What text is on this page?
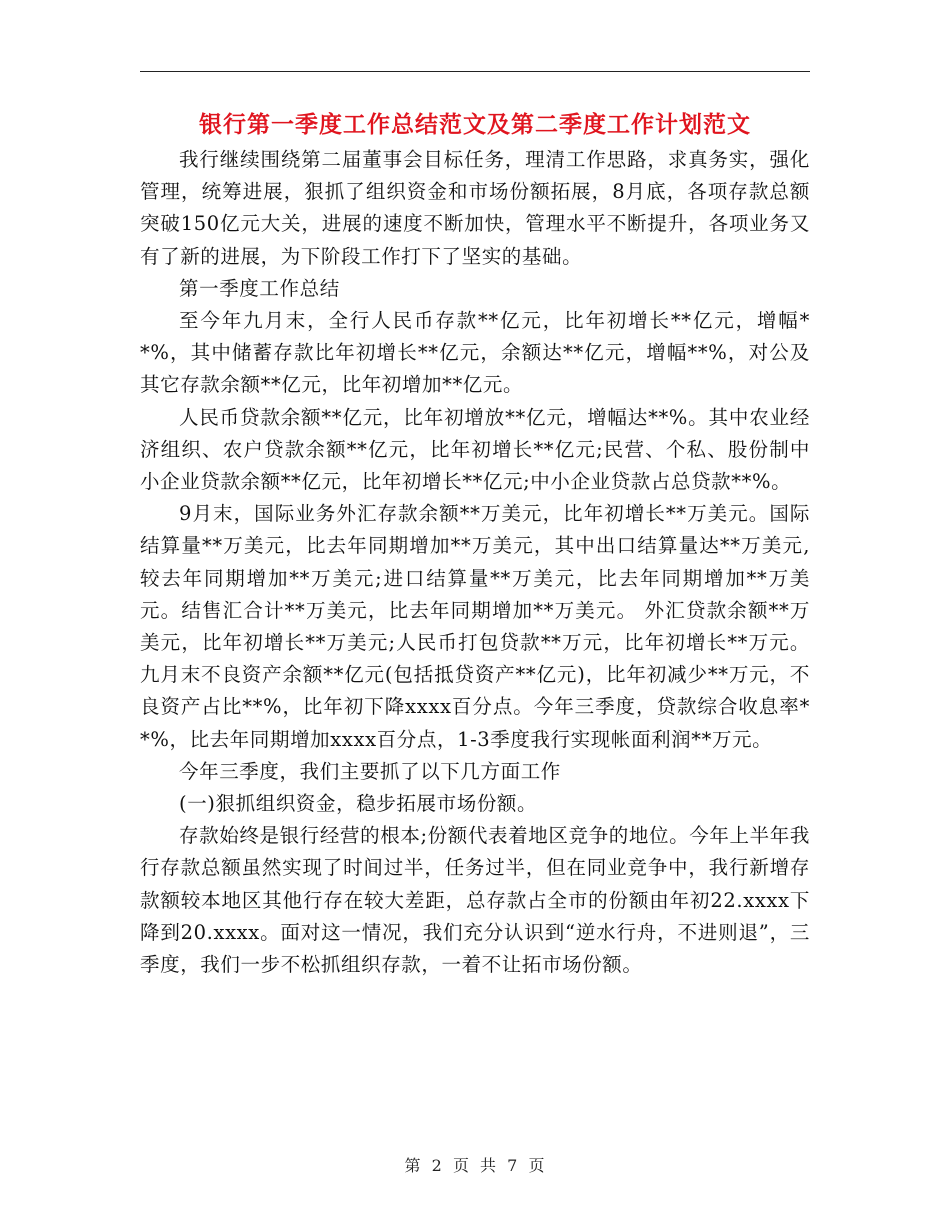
银行第一季度工作总结范文及第二季度工作计划范文

我行继续围绕第二届董事会目标任务，理清工作思路，求真务实，强化管理，统筹进展，狠抓了组织资金和市场份额拓展，8月底，各项存款总额突破150亿元大关，进展的速度不断加快，管理水平不断提升，各项业务又有了新的进展，为下阶段工作打下了坚实的基础。

第一季度工作总结

至今年九月末，全行人民币存款**亿元，比年初增长**亿元，增幅**%，其中储蓄存款比年初增长**亿元，余额达**亿元，增幅**%，对公及其它存款余额**亿元，比年初增加**亿元。

人民币贷款余额**亿元，比年初增放**亿元，增幅达**%。其中农业经济组织、农户贷款余额**亿元，比年初增长**亿元;民营、个私、股份制中小企业贷款余额**亿元，比年初增长**亿元;中小企业贷款占总贷款**%。

9月末，国际业务外汇存款余额**万美元，比年初增长**万美元。国际结算量**万美元，比去年同期增加**万美元，其中出口结算量达**万美元,较去年同期增加**万美元;进口结算量**万美元，比去年同期增加**万美元。结售汇合计**万美元，比去年同期增加**万美元。 外汇贷款余额**万美元，比年初增长**万美元;人民币打包贷款**万元，比年初增长**万元。 九月末不良资产余额**亿元(包括抵贷资产**亿元)，比年初减少**万元，不良资产占比**%，比年初下降xxxx百分点。今年三季度，贷款综合收息率**%，比去年同期增加xxxx百分点，1-3季度我行实现帐面利润**万元。

今年三季度，我们主要抓了以下几方面工作

(一)狠抓组织资金，稳步拓展市场份额。

存款始终是银行经营的根本;份额代表着地区竞争的地位。今年上半年我行存款总额虽然实现了时间过半，任务过半，但在同业竞争中，我行新增存款额较本地区其他行存在较大差距，总存款占全市的份额由年初22.xxxx下降到20.xxxx。面对这一情况，我们充分认识到“逆水行舟，不进则退”，三季度，我们一步不松抓组织存款，一着不让拓市场份额。

第 2 页 共 7 页
